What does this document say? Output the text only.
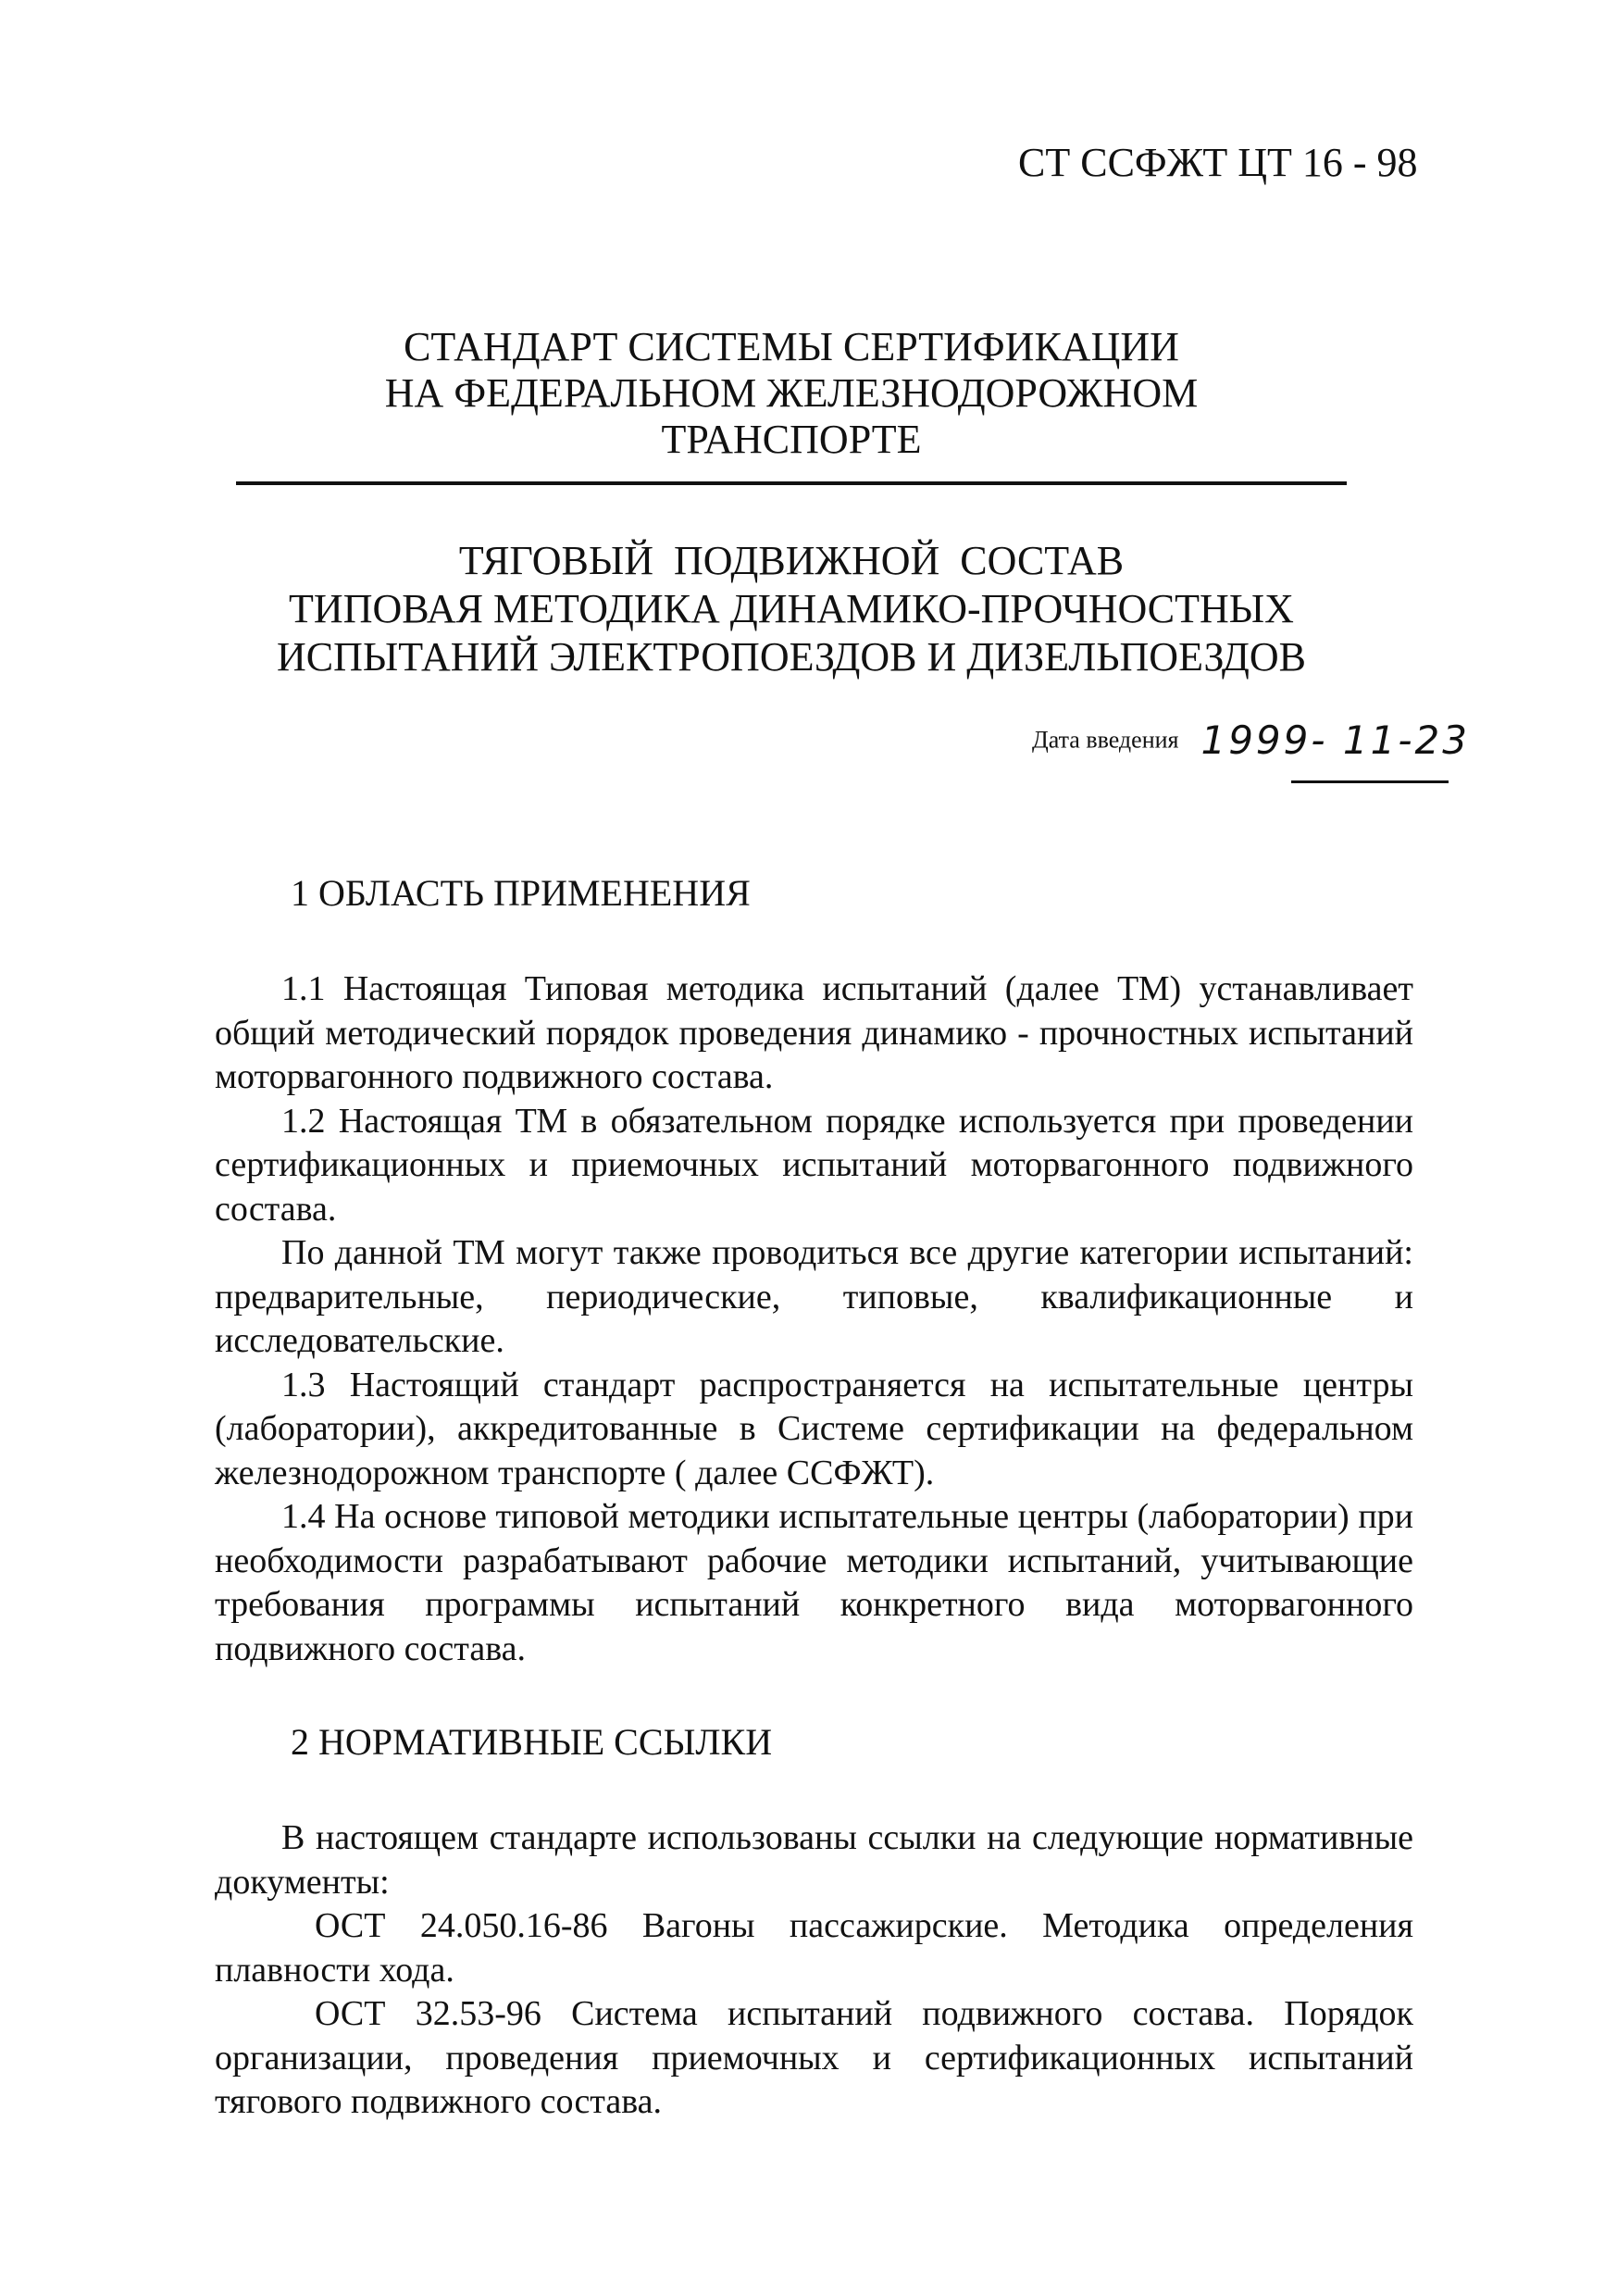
СТ ССФЖТ ЦТ 16 - 98
СТАНДАРТ СИСТЕМЫ СЕРТИФИКАЦИИ
НА ФЕДЕРАЛЬНОМ ЖЕЛЕЗНОДОРОЖНОМ
ТРАНСПОРТЕ
ТЯГОВЫЙ  ПОДВИЖНОЙ  СОСТАВ
ТИПОВАЯ МЕТОДИКА ДИНАМИКО-ПРОЧНОСТНЫХ
ИСПЫТАНИЙ ЭЛЕКТРОПОЕЗДОВ И ДИЗЕЛЬПОЕЗДОВ
Дата введения 1999- 11-23
1 ОБЛАСТЬ ПРИМЕНЕНИЯ

1.1 Настоящая Типовая методика испытаний (далее ТМ) устанавливает общий методический порядок проведения динамико - прочностных испытаний моторвагонного подвижного состава.

1.2 Настоящая ТМ в обязательном порядке используется при проведении сертификационных и приемочных испытаний моторвагонного подвижного состава.

По данной ТМ могут также проводиться все другие категории испытаний: предварительные, периодические, типовые, квалификационные и исследовательские.

1.3 Настоящий стандарт распространяется на испытательные центры (лаборатории), аккредитованные в Системе сертификации на федеральном железнодорожном транспорте ( далее ССФЖТ).

1.4 На основе типовой методики испытательные центры (лаборатории) при необходимости разрабатывают рабочие методики испытаний, учитывающие требования программы испытаний конкретного вида моторвагонного подвижного состава.

2 НОРМАТИВНЫЕ ССЫЛКИ

В настоящем стандарте использованы ссылки на следующие нормативные документы:

ОСТ 24.050.16-86 Вагоны пассажирские. Методика определения плавности хода.

ОСТ 32.53-96 Система испытаний подвижного состава. Порядок организации, проведения приемочных и сертификационных испытаний тягового подвижного состава.
